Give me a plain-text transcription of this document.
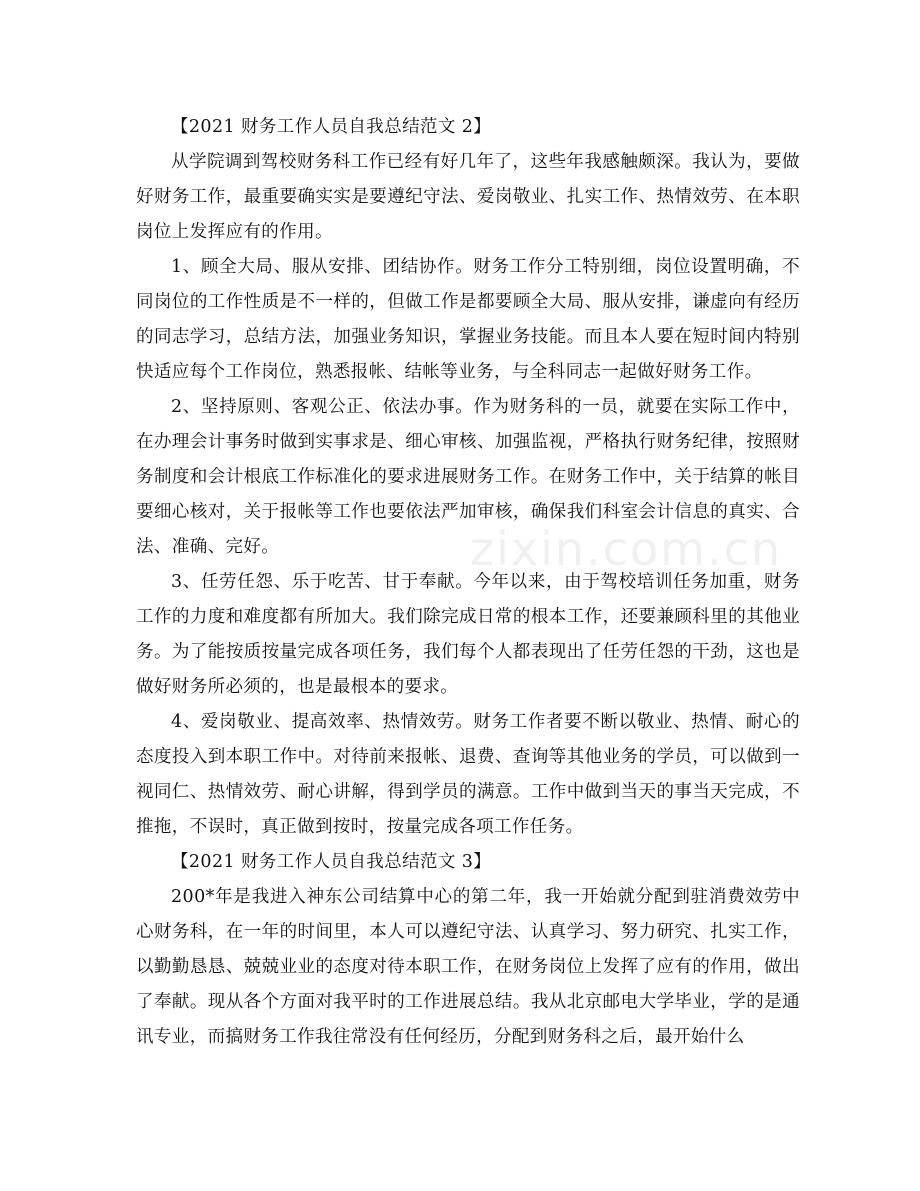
zixin.com.cn
【2021 财务工作人员自我总结范文 2】

从学院调到驾校财务科工作已经有好几年了，这些年我感触颇深。我认为，要做好财务工作，最重要确实实是要遵纪守法、爱岗敬业、扎实工作、热情效劳、在本职岗位上发挥应有的作用。

1、顾全大局、服从安排、团结协作。财务工作分工特别细，岗位设置明确，不同岗位的工作性质是不一样的，但做工作是都要顾全大局、服从安排，谦虚向有经历的同志学习，总结方法，加强业务知识，掌握业务技能。而且本人要在短时间内特别快适应每个工作岗位，熟悉报帐、结帐等业务，与全科同志一起做好财务工作。

2、坚持原则、客观公正、依法办事。作为财务科的一员，就要在实际工作中，在办理会计事务时做到实事求是、细心审核、加强监视，严格执行财务纪律，按照财务制度和会计根底工作标准化的要求进展财务工作。在财务工作中，关于结算的帐目要细心核对，关于报帐等工作也要依法严加审核，确保我们科室会计信息的真实、合法、准确、完好。

3、任劳任怨、乐于吃苦、甘于奉献。今年以来，由于驾校培训任务加重，财务工作的力度和难度都有所加大。我们除完成日常的根本工作，还要兼顾科里的其他业务。为了能按质按量完成各项任务，我们每个人都表现出了任劳任怨的干劲，这也是做好财务所必须的，也是最根本的要求。

4、爱岗敬业、提高效率、热情效劳。财务工作者要不断以敬业、热情、耐心的态度投入到本职工作中。对待前来报帐、退费、查询等其他业务的学员，可以做到一视同仁、热情效劳、耐心讲解，得到学员的满意。工作中做到当天的事当天完成，不推拖，不误时，真正做到按时，按量完成各项工作任务。

【2021 财务工作人员自我总结范文 3】

200*年是我进入神东公司结算中心的第二年，我一开始就分配到驻消费效劳中心财务科，在一年的时间里，本人可以遵纪守法、认真学习、努力研究、扎实工作，以勤勤恳恳、兢兢业业的态度对待本职工作，在财务岗位上发挥了应有的作用，做出了奉献。现从各个方面对我平时的工作进展总结。我从北京邮电大学毕业，学的是通讯专业，而搞财务工作我往常没有任何经历，分配到财务科之后，最开始什么
